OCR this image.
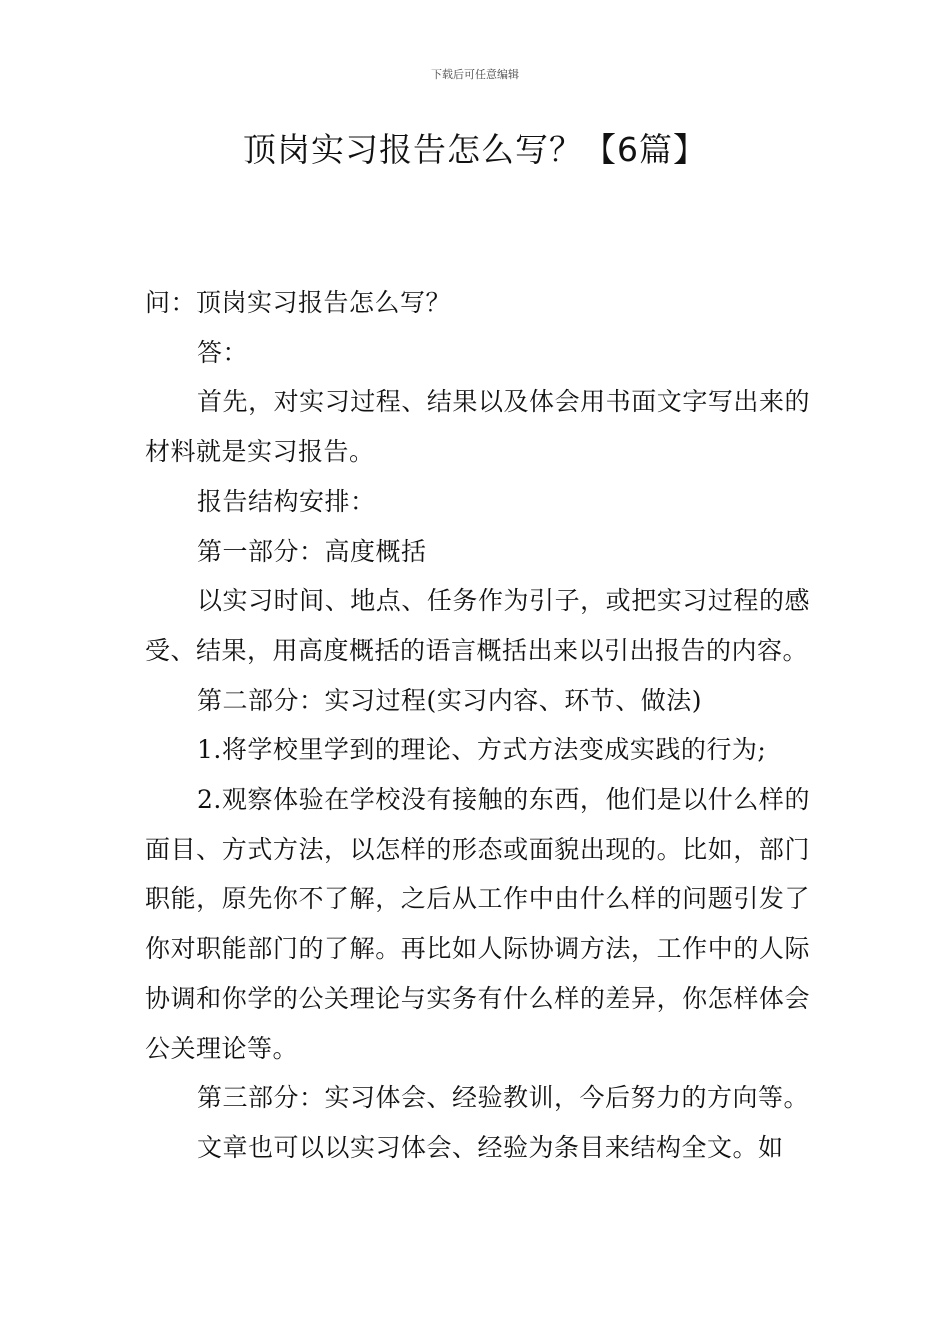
下载后可任意编辑
顶岗实习报告怎么写？【6篇】

问：顶岗实习报告怎么写？

答：

首先，对实习过程、结果以及体会用书面文字写出来的材料就是实习报告。

报告结构安排：

第一部分：高度概括

以实习时间、地点、任务作为引子，或把实习过程的感受、结果，用高度概括的语言概括出来以引出报告的内容。

第二部分：实习过程(实习内容、环节、做法)

1.将学校里学到的理论、方式方法变成实践的行为;

2.观察体验在学校没有接触的东西，他们是以什么样的面目、方式方法，以怎样的形态或面貌出现的。比如，部门职能，原先你不了解，之后从工作中由什么样的问题引发了你对职能部门的了解。再比如人际协调方法，工作中的人际协调和你学的公关理论与实务有什么样的差异，你怎样体会公关理论等。

第三部分：实习体会、经验教训，今后努力的方向等。

文章也可以以实习体会、经验为条目来结构全文。如
